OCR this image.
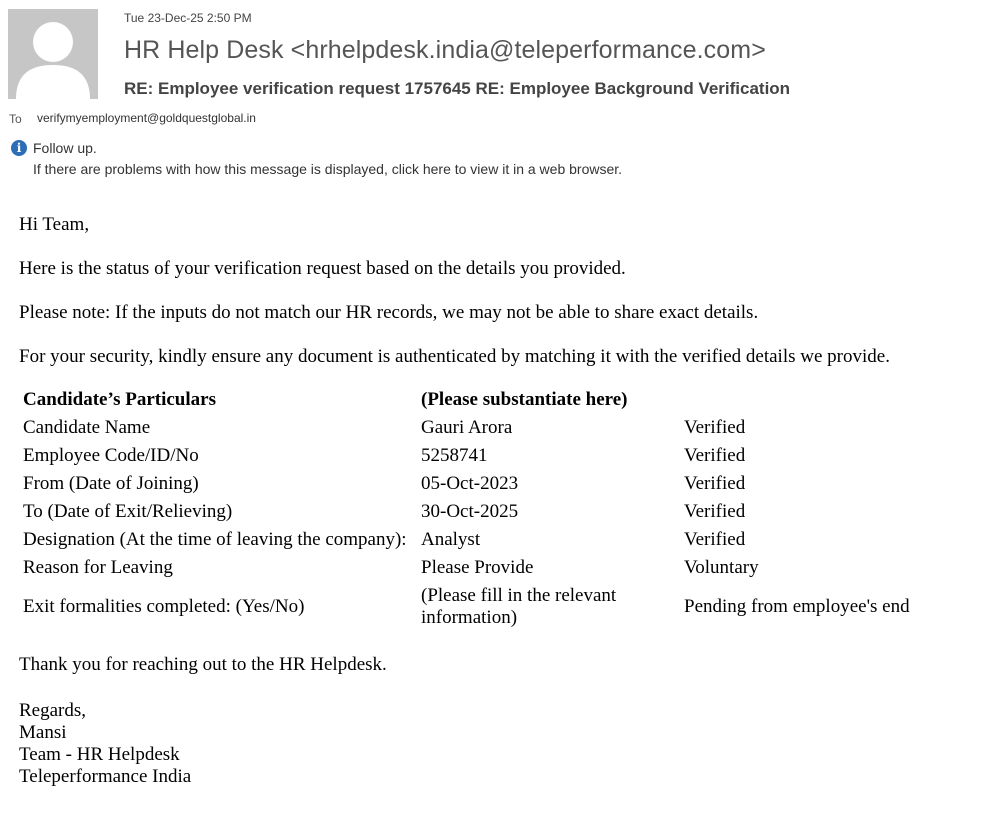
Tue 23-Dec-25 2:50 PM
HR Help Desk <hrhelpdesk.india@teleperformance.com>
RE: Employee verification request 1757645 RE: Employee Background Verification
To verifymyemployment@goldquestglobal.in
i Follow up.
If there are problems with how this message is displayed, click here to view it in a web browser.

Hi Team,

Here is the status of your verification request based on the details you provided.

Please note: If the inputs do not match our HR records, we may not be able to share exact details.

For your security, kindly ensure any document is authenticated by matching it with the verified details we provide.

Candidate’s Particulars	(Please substantiate here)	
Candidate Name	Gauri Arora	Verified
Employee Code/ID/No	5258741	Verified
From (Date of Joining)	05-Oct-2023	Verified
To (Date of Exit/Relieving)	30-Oct-2025	Verified
Designation (At the time of leaving the company):	Analyst	Verified
Reason for Leaving	Please Provide	Voluntary
Exit formalities completed: (Yes/No)	(Please fill in the relevant information)	Pending from employee's end
Thank you for reaching out to the HR Helpdesk.
Regards,
Mansi
Team - HR Helpdesk
Teleperformance India
